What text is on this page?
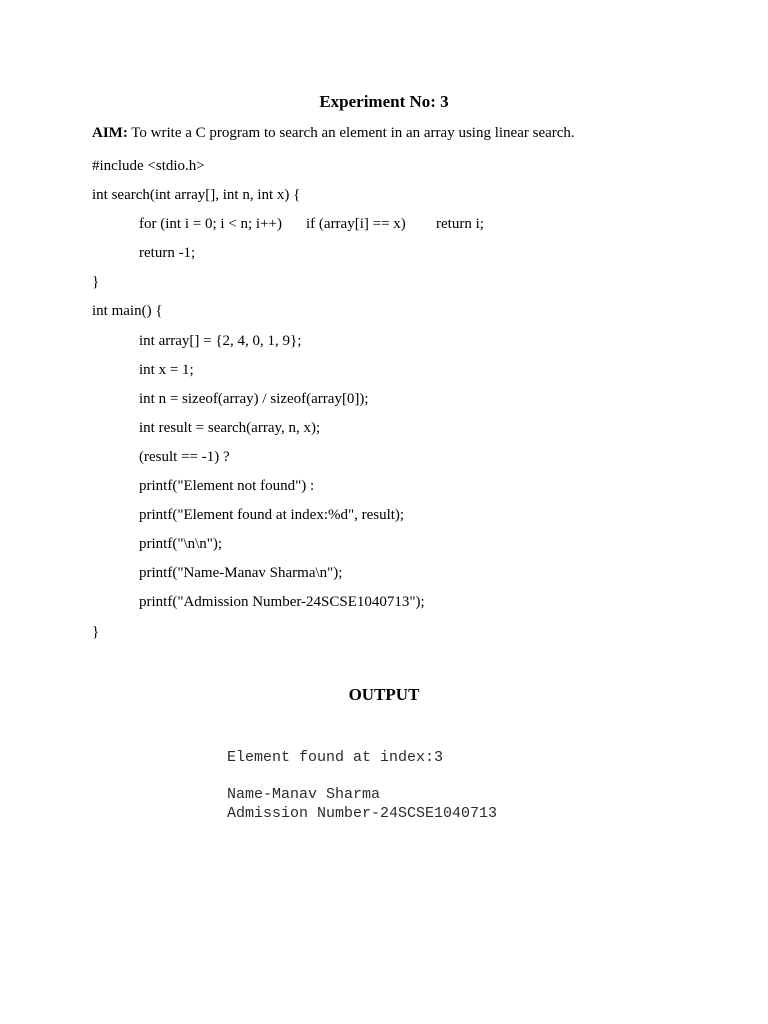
Experiment No: 3
AIM: To write a C program to search an element in an array using linear search.
#include <stdio.h>
int search(int array[], int n, int x) {
for (int i = 0; i < n; i++) if (array[i] == x) return i;
return -1;
}
int main() {
int array[] = {2, 4, 0, 1, 9};
int x = 1;
int n = sizeof(array) / sizeof(array[0]);
int result = search(array, n, x);
(result == -1) ?
printf("Element not found") :
printf("Element found at index:%d", result);
printf("\n\n");
printf("Name-Manav Sharma\n");
printf("Admission Number-24SCSE1040713");
}
OUTPUT
Element found at index:3
Name-Manav Sharma
Admission Number-24SCSE1040713
